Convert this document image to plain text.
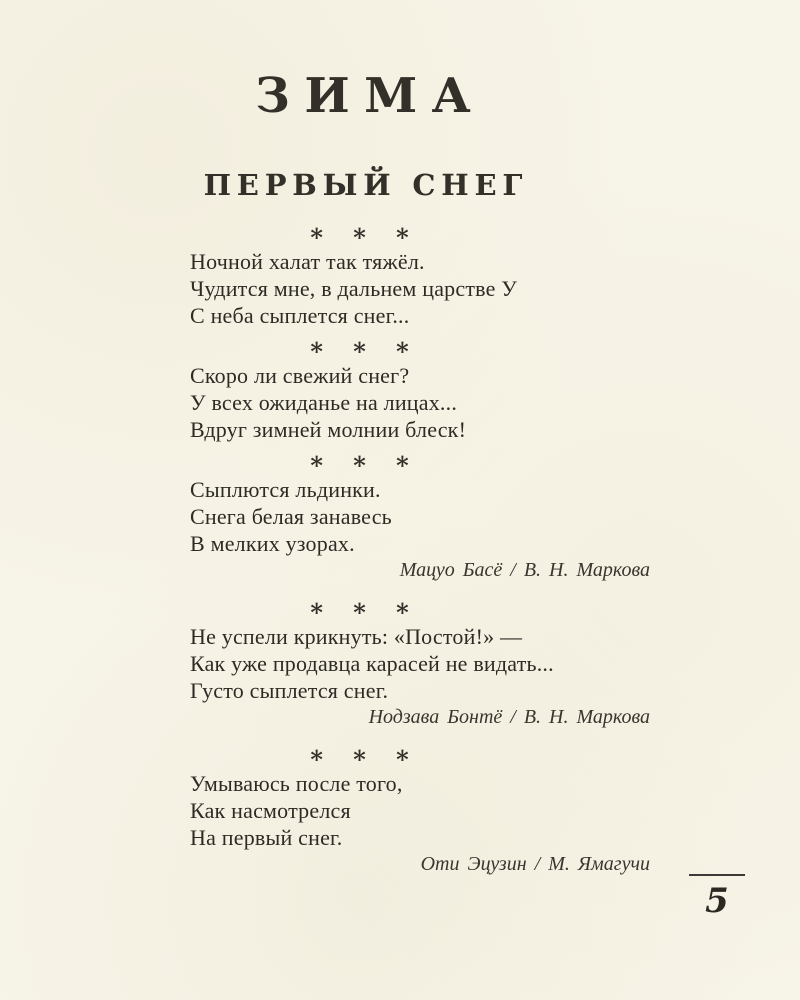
ЗИМА
ПЕРВЫЙ СНЕГ
* * *
Ночной халат так тяжёл.
Чудится мне, в дальнем царстве У
С неба сыплется снег...
* * *
Скоро ли свежий снег?
У всех ожиданье на лицах...
Вдруг зимней молнии блеск!
* * *
Сыплются льдинки.
Снега белая занавесь
В мелких узорах.
Мацуо Басё / В. Н. Маркова
* * *
Не успели крикнуть: «Постой!» —
Как уже продавца карасей не видать...
Густо сыплется снег.
Нодзава Бонтё / В. Н. Маркова
* * *
Умываюсь после того,
Как насмотрелся
На первый снег.
Оти Эцузин / М. Ямагучи
5
